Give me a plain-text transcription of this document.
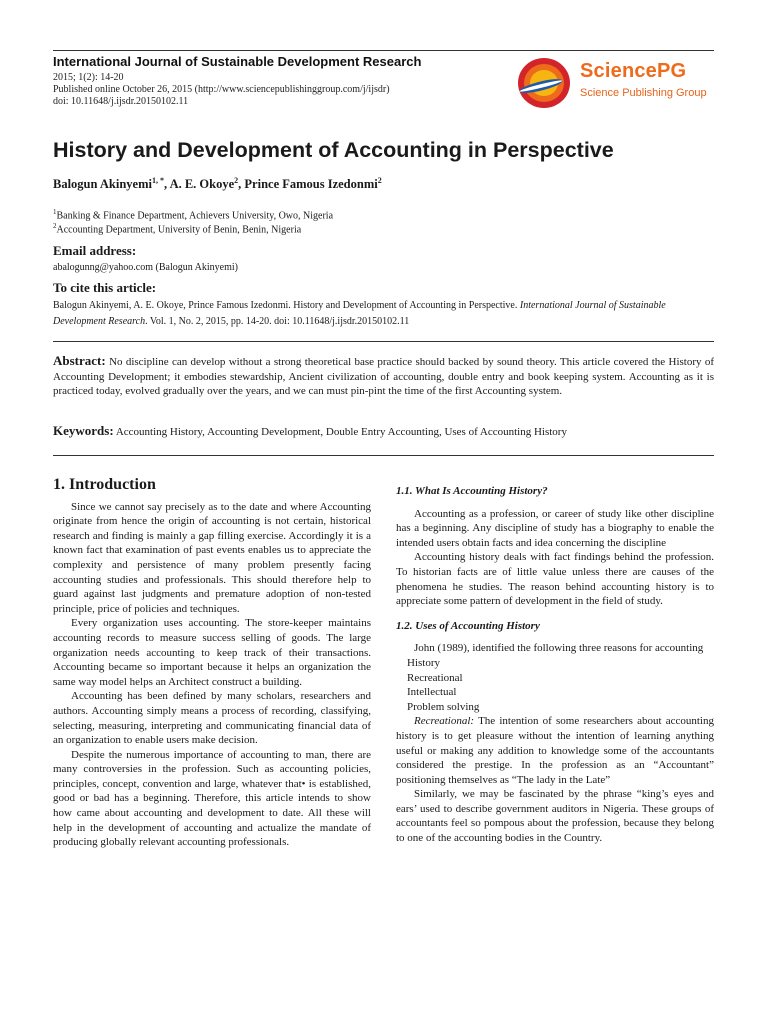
International Journal of Sustainable Development Research
2015; 1(2): 14-20
Published online October 26, 2015 (http://www.sciencepublishinggroup.com/j/ijsdr)
doi: 10.11648/j.ijsdr.20150102.11
SciencePG
Science Publishing Group
History and Development of Accounting in Perspective
Balogun Akinyemi$^{1, *}$, A. E. Okoye$^2$, Prince Famous Izedonmi$^2$
$^1$Banking & Finance Department, Achievers University, Owo, Nigeria
$^2$Accounting Department, University of Benin, Benin, Nigeria
Email address:
abalogunng@yahoo.com (Balogun Akinyemi)
To cite this article:
Balogun Akinyemi, A. E. Okoye, Prince Famous Izedonmi. History and Development of Accounting in Perspective. International Journal of Sustainable Development Research. Vol. 1, No. 2, 2015, pp. 14-20. doi: 10.11648/j.ijsdr.20150102.11
Abstract: No discipline can develop without a strong theoretical base practice should backed by sound theory. This article covered the History of Accounting Development; it embodies stewardship, Ancient civilization of accounting, double entry and book keeping system. Accounting as it is practiced today, evolved gradually over the years, and we can must pin-pint the time of the first Accounting system.
Keywords: Accounting History, Accounting Development, Double Entry Accounting, Uses of Accounting History
1. Introduction

Since we cannot say precisely as to the date and where Accounting originate from hence the origin of accounting is not certain, historical research and finding is mainly a gap filling exercise. Accordingly it is a known fact that examination of past events enables us to appreciate the complexity and persistence of many problem presently facing accounting studies and professionals. This should therefore help to guard against last judgments and premature adoption of non-tested principle, price of policies and techniques.

Every organization uses accounting. The store-keeper maintains accounting records to measure success selling of goods. The large organization needs accounting to keep track of their transactions. Accounting became so important because it helps an organization the same way model helps an Architect construct a building.

Accounting has been defined by many scholars, researchers and authors. Accounting simply means a process of recording, classifying, selecting, measuring, interpreting and communicating financial data of an organization to enable users make decision.

Despite the numerous importance of accounting to man, there are many controversies in the profession. Such as accounting policies, principles, concept, convention and large, whatever that• is established, good or bad has a beginning. Therefore, this article intends to show how came about accounting and development to date. All these will help in the development of accounting and actualize the mandate of producing globally relevant accounting professionals.

1.1. What Is Accounting History?

Accounting as a profession, or career of study like other discipline has a beginning. Any discipline of study has a biography to enable the intended users obtain facts and idea concerning the discipline

Accounting history deals with fact findings behind the profession. To historian facts are of little value unless there are causes of the phenomena he studies. The reason behind accounting history is to appreciate some pattern of development in the field of study.

1.2. Uses of Accounting History

John (1989), identified the following three reasons for accounting

History

Recreational

Intellectual

Problem solving

Recreational: The intention of some researchers about accounting history is to get pleasure without the intention of learning anything useful or making any addition to knowledge some of the accountants considered the prestige. In the profession as an “Accountant” positioning themselves as “The lady in the Late”

Similarly, we may be fascinated by the phrase “king’s eyes and ears’ used to describe government auditors in Nigeria. These groups of accountants feel so pompous about the profession, because they belong to one of the accounting bodies in the Country.
